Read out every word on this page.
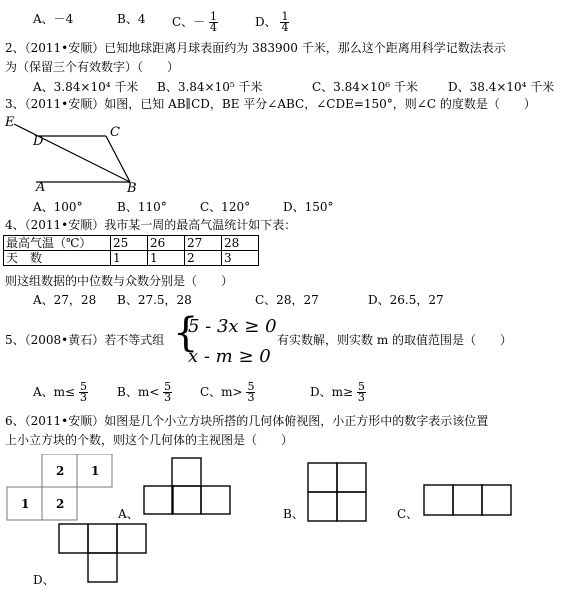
A、－4	B、4 C、－ $\frac{1}{4}$	D、 $\frac{1}{4}$
2、（2011•安顺）已知地球距离月球表面约为 383900 千米，那么这个距离用科学记数法表示
为（保留三个有效数字）（　　）
A、3.84×10⁴ 千米 B、3.84×10⁵ 千米	C、3.84×10⁶ 千米	D、38.4×10⁴ 千米
3、（2011•安顺）如图，已知 AB∥CD，BE 平分∠ABC，∠CDE=150°，则∠C 的度数是（　　）
E
D
C
A	B
A、100°	B、110°	C、120°	D、150°
4、（2011•安顺）我市某一周的最高气温统计如下表：
最高气温（℃）	25	26	27	28
天　数	1	1	2	3
则这组数据的中位数与众数分别是（　　）
A、27，28 B、27.5，28	C、28，27	D、26.5，27
5、（2008•黄石）若不等式组 {
5 - 3x ≥ 0
x - m ≥ 0
有实数解，则实数 m 的取值范围是（　　）
A、$m\le \frac{5}{3}$ B、$m< \frac{5}{3}$ C、$m> \frac{5}{3}$	D、$m\ge \frac{5}{3}$
6、（2011•安顺）如图是几个小立方块所搭的几何体俯视图，小正方形中的数字表示该位置
上小立方块的个数，则这个几何体的主视图是（　　）
2 1
1 2
A、	B、	C、
D、
